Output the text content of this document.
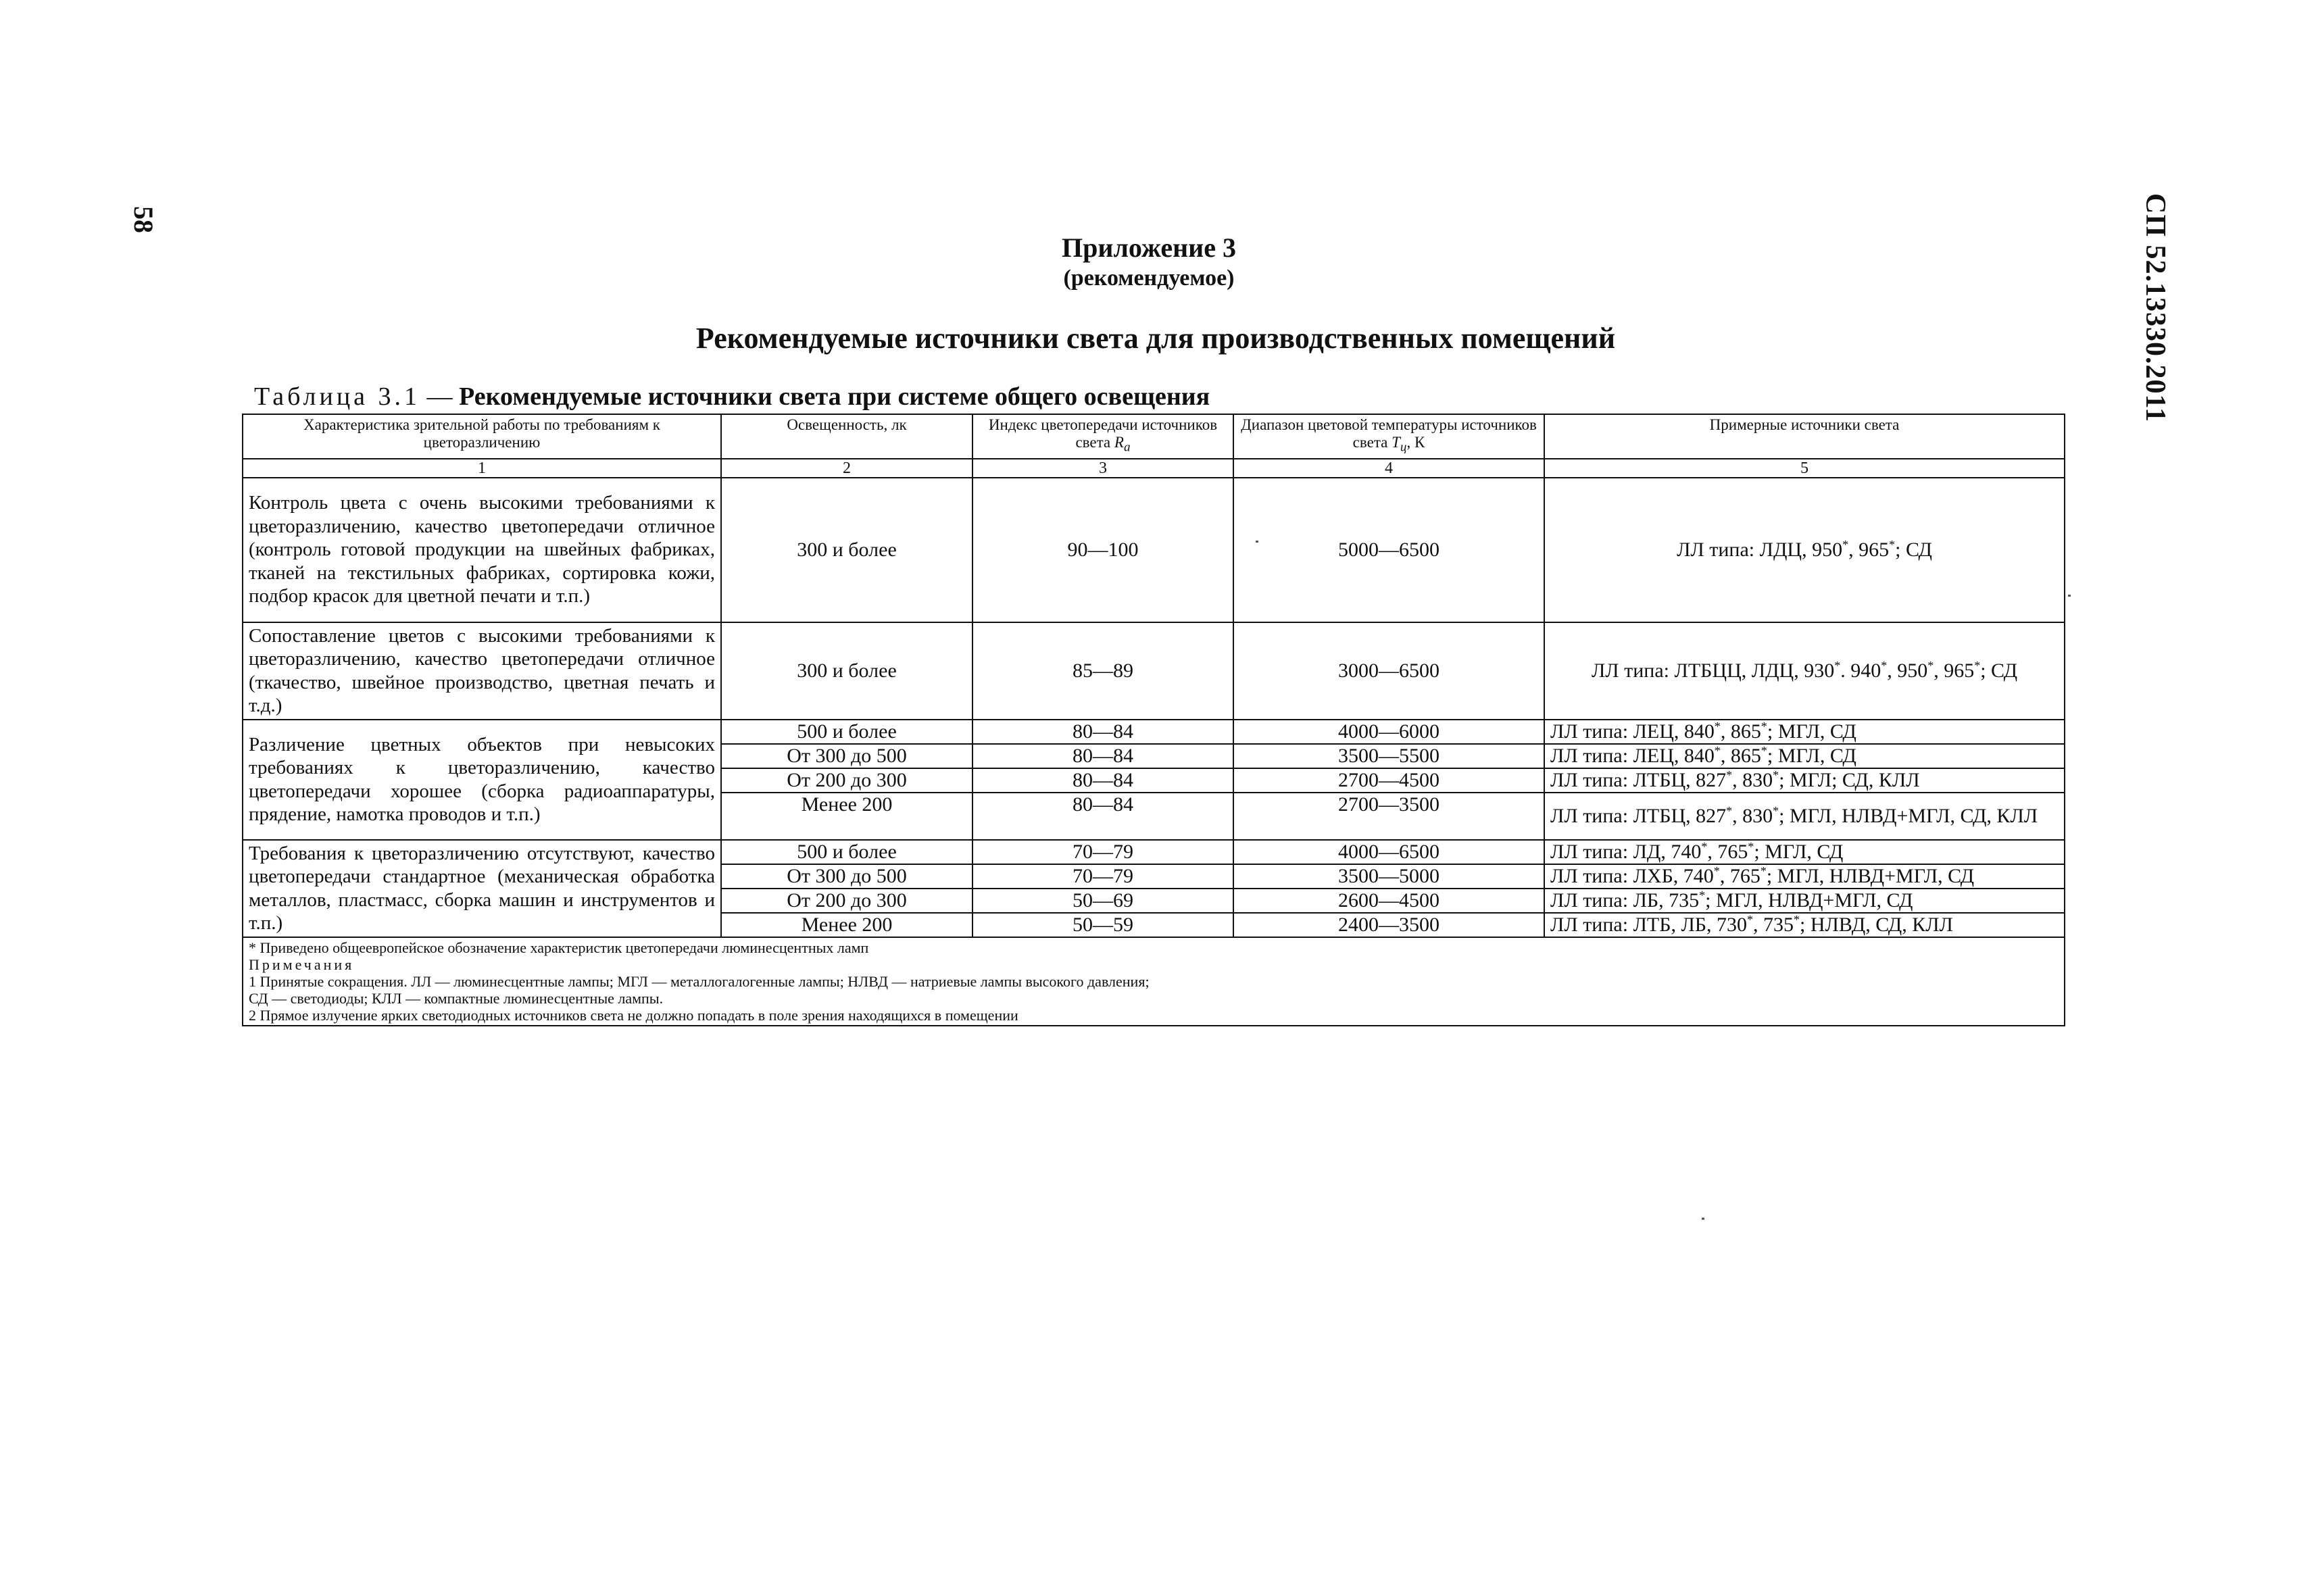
58	СП 52.13330.2011
Приложение 3
(рекомендуемое)
Рекомендуемые источники света для производственных помещений
Таблица 3.1 — Рекомендуемые источники света при системе общего освещения
Характеристика зрительной работы по требованиям к цветоразличению	Освещенность, лк	Индекс цветопередачи источников света $R_a$	Диапазон цветовой температуры источников света $T_ц$, К	Примерные источники света
1	2	3	4	5
Контроль цвета с очень высокими требованиями к цветоразличению, качество цветопередачи отличное (контроль готовой продукции на швейных фабриках, тканей на текстильных фабриках, сортировка кожи, подбор красок для цветной печати и т.п.)	300 и более	90—100	5000—6500	ЛЛ типа: ЛДЦ, 950*, 965*; СД
Сопоставление цветов с высокими требованиями к цветоразличению, качество цветопередачи отличное (ткачество, швейное производство, цветная печать и т.д.)	300 и более	85—89	3000—6500	ЛЛ типа: ЛТБЦЦ, ЛДЦ, 930*. 940*, 950*, 965*; СД
Различение цветных объектов при невысоких требованиях к цветоразличению, качество цветопередачи хорошее (сборка радиоаппаратуры, прядение, намотка проводов и т.п.)	500 и более	80—84	4000—6000	ЛЛ типа: ЛЕЦ, 840*, 865*; МГЛ, СД
	От 300 до 500	80—84	3500—5500	ЛЛ типа: ЛЕЦ, 840*, 865*; МГЛ, СД
	От 200 до 300	80—84	2700—4500	ЛЛ типа: ЛТБЦ, 827*, 830*; МГЛ; СД, КЛЛ
	Менее 200	80—84	2700—3500	ЛЛ типа: ЛТБЦ, 827*, 830*; МГЛ, НЛВД+МГЛ, СД, КЛЛ
Требования к цветоразличению отсутствуют, качество цветопередачи стандартное (механическая обработка металлов, пластмасс, сборка машин и инструментов и т.п.)	500 и более	70—79	4000—6500	ЛЛ типа: ЛД, 740*, 765*; МГЛ, СД
	От 300 до 500	70—79	3500—5000	ЛЛ типа: ЛХБ, 740*, 765*; МГЛ, НЛВД+МГЛ, СД
	От 200 до 300	50—69	2600—4500	ЛЛ типа: ЛБ, 735*; МГЛ, НЛВД+МГЛ, СД
	Менее 200	50—59	2400—3500	ЛЛ типа: ЛТБ, ЛБ, 730*, 735*; НЛВД, СД, КЛЛ

* Приведено общеевропейское обозначение характеристик цветопередачи люминесцентных ламп
Примечания
1 Принятые сокращения. ЛЛ — люминесцентные лампы; МГЛ — металлогалогенные лампы; НЛВД — натриевые лампы высокого давления;
СД — светодиоды; КЛЛ — компактные люминесцентные лампы.
2 Прямое излучение ярких светодиодных источников света не должно попадать в поле зрения находящихся в помещении				
